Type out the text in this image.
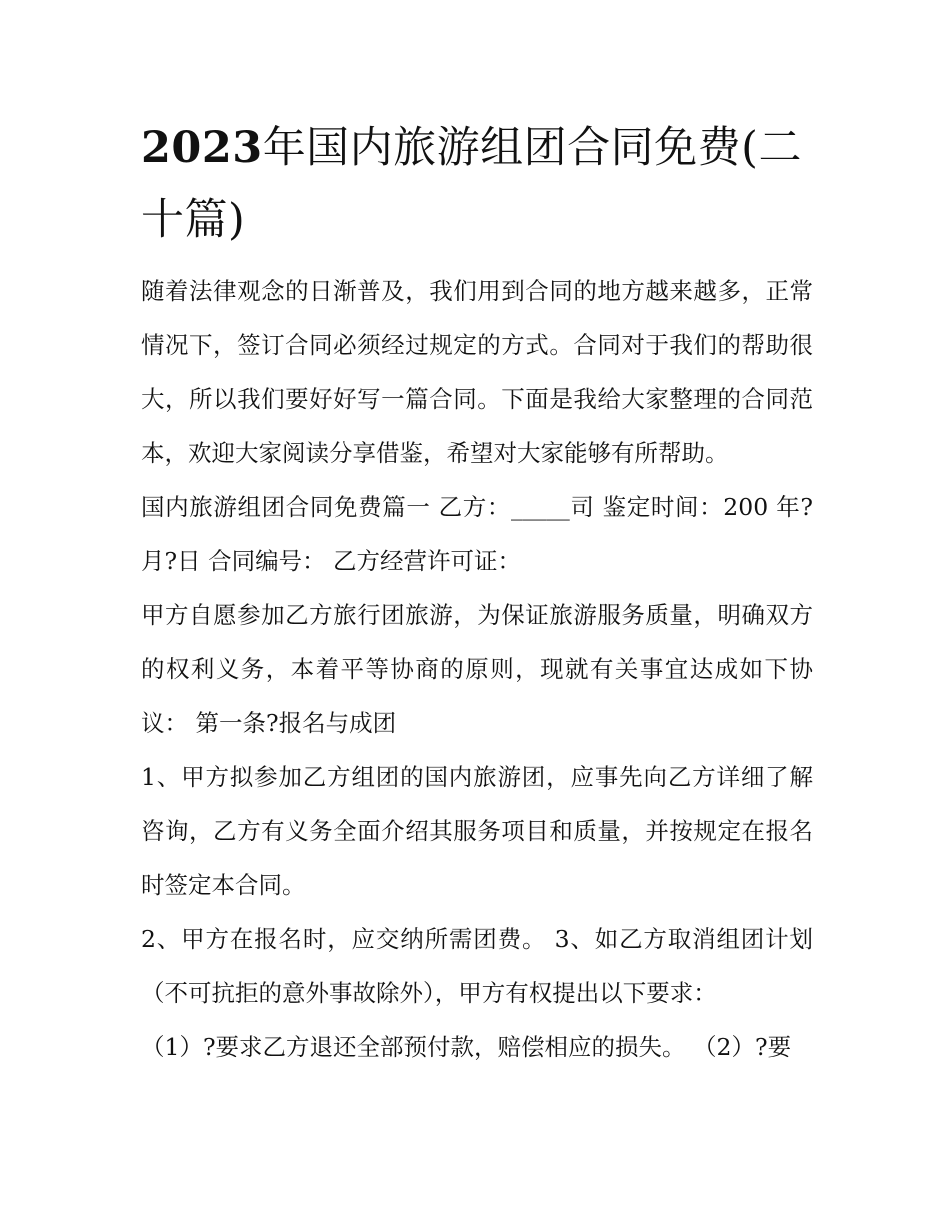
2023年国内旅游组团合同免费(二十篇)

随着法律观念的日渐普及，我们用到合同的地方越来越多，正常情况下，签订合同必须经过规定的方式。合同对于我们的帮助很大，所以我们要好好写一篇合同。下面是我给大家整理的合同范本，欢迎大家阅读分享借鉴，希望对大家能够有所帮助。

国内旅游组团合同免费篇一 乙方：_____司 鉴定时间：200 年?月?日 合同编号： 乙方经营许可证：

甲方自愿参加乙方旅行团旅游，为保证旅游服务质量，明确双方的权利义务，本着平等协商的原则，现就有关事宜达成如下协议： 第一条?报名与成团

1、甲方拟参加乙方组团的国内旅游团，应事先向乙方详细了解咨询，乙方有义务全面介绍其服务项目和质量，并按规定在报名时签定本合同。

2、甲方在报名时，应交纳所需团费。 3、如乙方取消组团计划（不可抗拒的意外事故除外），甲方有权提出以下要求：

（1）?要求乙方退还全部预付款，赔偿相应的损失。 （2）?要
